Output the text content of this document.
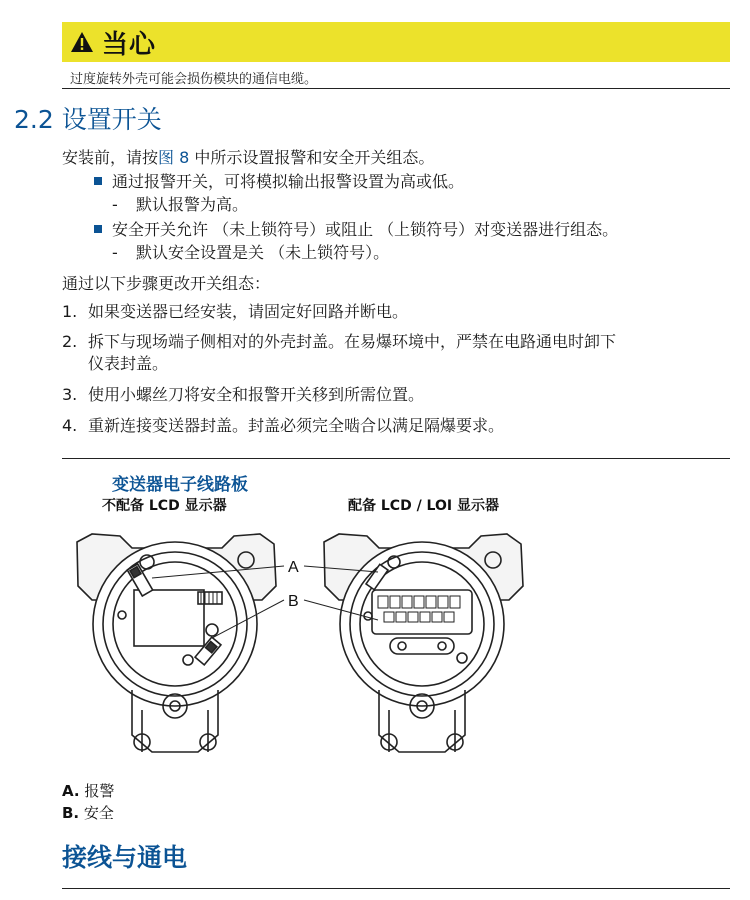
当心
过度旋转外壳可能会损伤模块的通信电缆。
2.2 设置开关
安装前，请按图 8 中所示设置报警和安全开关组态。
通过报警开关，可将模拟输出报警设置为高或低。
- 默认报警为高。
安全开关允许 （未上锁符号）或阻止 （上锁符号）对变送器进行组态。
- 默认安全设置是关 （未上锁符号）。
通过以下步骤更改开关组态：
1. 如果变送器已经安装，请固定好回路并断电。
2. 拆下与现场端子侧相对的外壳封盖。在易爆环境中，严禁在电路通电时卸下
仪表封盖。
3. 使用小螺丝刀将安全和报警开关移到所需位置。
4. 重新连接变送器封盖。封盖必须完全啮合以满足隔爆要求。
变送器电子线路板
不配备 LCD 显示器	配备 LCD / LOI 显示器
A
B
A. 报警
B. 安全
接线与通电
